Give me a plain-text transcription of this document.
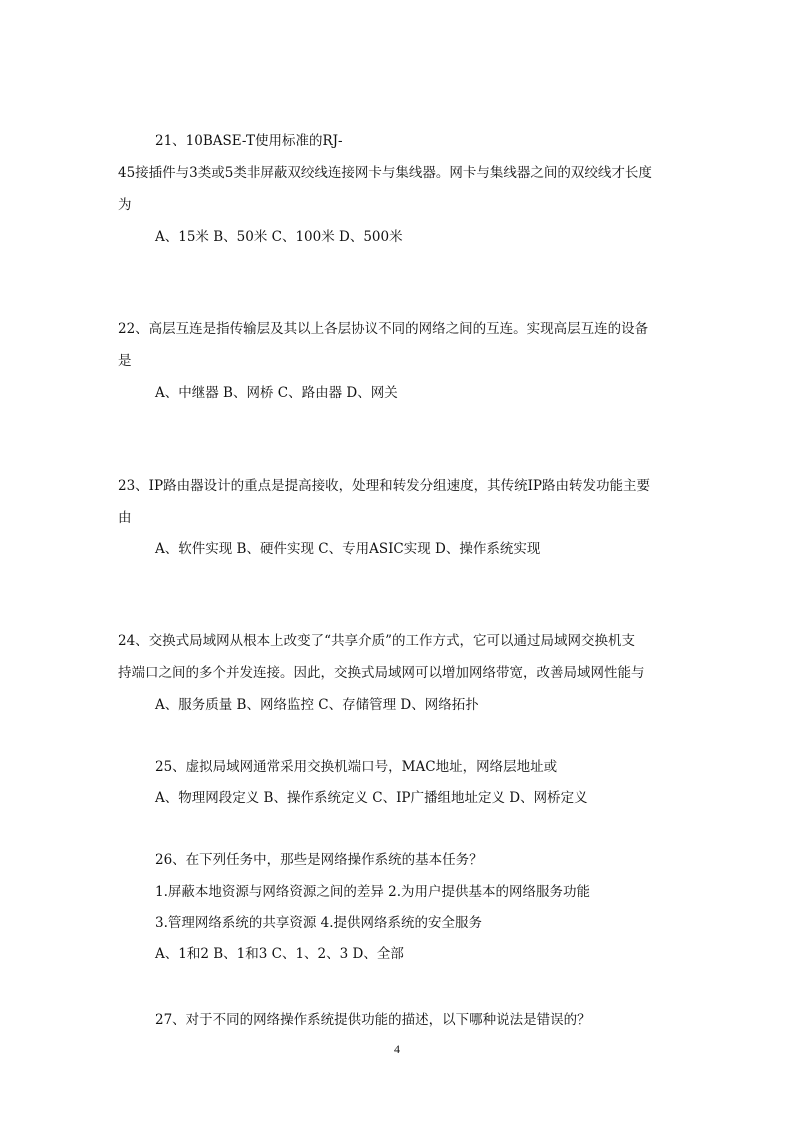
21、10BASE-T使用标准的RJ-
45接插件与3类或5类非屏蔽双绞线连接网卡与集线器。网卡与集线器之间的双绞线才长度
为
A、15米 B、50米 C、100米 D、500米
22、高层互连是指传输层及其以上各层协议不同的网络之间的互连。实现高层互连的设备
是
A、中继器 B、网桥 C、路由器 D、网关
23、IP路由器设计的重点是提高接收，处理和转发分组速度，其传统IP路由转发功能主要
由
A、软件实现 B、硬件实现 C、专用ASIC实现 D、操作系统实现
24、交换式局域网从根本上改变了“共享介质”的工作方式，它可以通过局域网交换机支
持端口之间的多个并发连接。因此，交换式局域网可以增加网络带宽，改善局域网性能与
A、服务质量 B、网络监控 C、存储管理 D、网络拓扑
25、虚拟局域网通常采用交换机端口号，MAC地址，网络层地址或
A、物理网段定义 B、操作系统定义 C、IP广播组地址定义 D、网桥定义
26、在下列任务中，那些是网络操作系统的基本任务？
1.屏蔽本地资源与网络资源之间的差异 2.为用户提供基本的网络服务功能
3.管理网络系统的共享资源 4.提供网络系统的安全服务
A、1和2 B、1和3 C、1、2、3 D、全部
27、对于不同的网络操作系统提供功能的描述，以下哪种说法是错误的？
4
